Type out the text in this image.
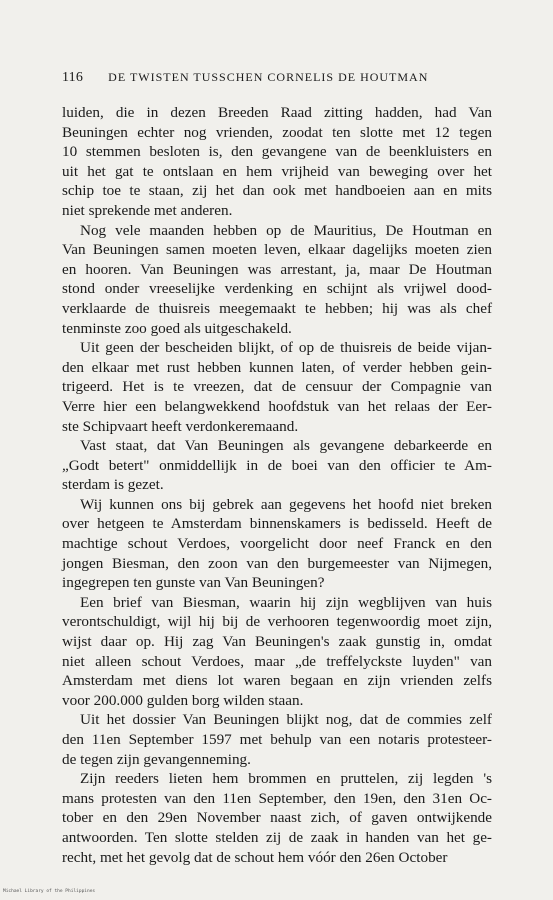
116 DE TWISTEN TUSSCHEN CORNELIS DE HOUTMAN

luiden, die in dezen Breeden Raad zitting hadden, had Van
Beuningen echter nog vrienden, zoodat ten slotte met 12 tegen
10 stemmen besloten is, den gevangene van de beenkluisters en
uit het gat te ontslaan en hem vrijheid van beweging over het
schip toe te staan, zij het dan ook met handboeien aan en mits
niet sprekende met anderen.

Nog vele maanden hebben op de Mauritius, De Houtman en
Van Beuningen samen moeten leven, elkaar dagelijks moeten zien
en hooren. Van Beuningen was arrestant, ja, maar De Houtman
stond onder vreeselijke verdenking en schijnt als vrijwel dood-
verklaarde de thuisreis meegemaakt te hebben; hij was als chef
tenminste zoo goed als uitgeschakeld.

Uit geen der bescheiden blijkt, of op de thuisreis de beide vijan-
den elkaar met rust hebben kunnen laten, of verder hebben gein-
trigeerd. Het is te vreezen, dat de censuur der Compagnie van
Verre hier een belangwekkend hoofdstuk van het relaas der Eer-
ste Schipvaart heeft verdonkeremaand.

Vast staat, dat Van Beuningen als gevangene debarkeerde en
„Godt betert" onmiddellijk in de boei van den officier te Am-
sterdam is gezet.

Wij kunnen ons bij gebrek aan gegevens het hoofd niet breken
over hetgeen te Amsterdam binnenskamers is bedisseld. Heeft de
machtige schout Verdoes, voorgelicht door neef Franck en den
jongen Biesman, den zoon van den burgemeester van Nijmegen,
ingegrepen ten gunste van Van Beuningen?

Een brief van Biesman, waarin hij zijn wegblijven van huis
verontschuldigt, wijl hij bij de verhooren tegenwoordig moet zijn,
wijst daar op. Hij zag Van Beuningen's zaak gunstig in, omdat
niet alleen schout Verdoes, maar „de treffelyckste luyden" van
Amsterdam met diens lot waren begaan en zijn vrienden zelfs
voor 200.000 gulden borg wilden staan.

Uit het dossier Van Beuningen blijkt nog, dat de commies zelf
den 11en September 1597 met behulp van een notaris protesteer-
de tegen zijn gevangenneming.

Zijn reeders lieten hem brommen en pruttelen, zij legden 's
mans protesten van den 11en September, den 19en, den 31en Oc-
tober en den 29en November naast zich, of gaven ontwijkende
antwoorden. Ten slotte stelden zij de zaak in handen van het ge-
recht, met het gevolg dat de schout hem vóór den 26en October

Michael Library of the Philippines
